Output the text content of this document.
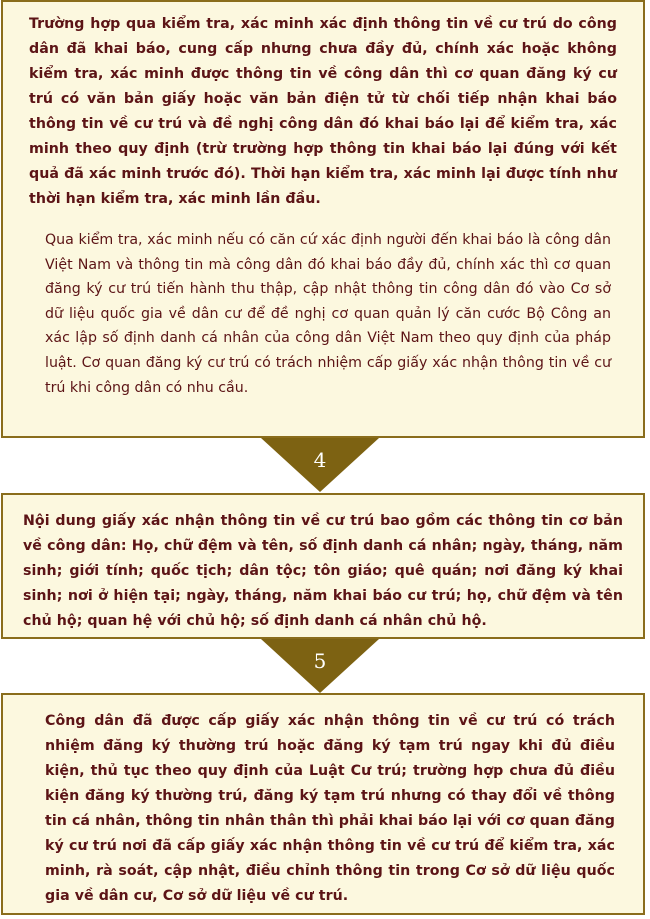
Trường hợp qua kiểm tra, xác minh xác định thông tin về cư trú do công dân đã khai báo, cung cấp nhưng chưa đầy đủ, chính xác hoặc không kiểm tra, xác minh được thông tin về công dân thì cơ quan đăng ký cư trú có văn bản giấy hoặc văn bản điện tử từ chối tiếp nhận khai báo thông tin về cư trú và đề nghị công dân đó khai báo lại để kiểm tra, xác minh theo quy định (trừ trường hợp thông tin khai báo lại đúng với kết quả đã xác minh trước đó). Thời hạn kiểm tra, xác minh lại được tính như thời hạn kiểm tra, xác minh lần đầu.
Qua kiểm tra, xác minh nếu có căn cứ xác định người đến khai báo là công dân Việt Nam và thông tin mà công dân đó khai báo đầy đủ, chính xác thì cơ quan đăng ký cư trú tiến hành thu thập, cập nhật thông tin công dân đó vào Cơ sở dữ liệu quốc gia về dân cư để đề nghị cơ quan quản lý căn cước Bộ Công an xác lập số định danh cá nhân của công dân Việt Nam theo quy định của pháp luật. Cơ quan đăng ký cư trú có trách nhiệm cấp giấy xác nhận thông tin về cư trú khi công dân có nhu cầu.
4
Nội dung giấy xác nhận thông tin về cư trú bao gồm các thông tin cơ bản về công dân: Họ, chữ đệm và tên, số định danh cá nhân; ngày, tháng, năm sinh; giới tính; quốc tịch; dân tộc; tôn giáo; quê quán; nơi đăng ký khai sinh; nơi ở hiện tại; ngày, tháng, năm khai báo cư trú; họ, chữ đệm và tên chủ hộ; quan hệ với chủ hộ; số định danh cá nhân chủ hộ.
5
Công dân đã được cấp giấy xác nhận thông tin về cư trú có trách nhiệm đăng ký thường trú hoặc đăng ký tạm trú ngay khi đủ điều kiện, thủ tục theo quy định của Luật Cư trú; trường hợp chưa đủ điều kiện đăng ký thường trú, đăng ký tạm trú nhưng có thay đổi về thông tin cá nhân, thông tin nhân thân thì phải khai báo lại với cơ quan đăng ký cư trú nơi đã cấp giấy xác nhận thông tin về cư trú để kiểm tra, xác minh, rà soát, cập nhật, điều chỉnh thông tin trong Cơ sở dữ liệu quốc gia về dân cư, Cơ sở dữ liệu về cư trú.
